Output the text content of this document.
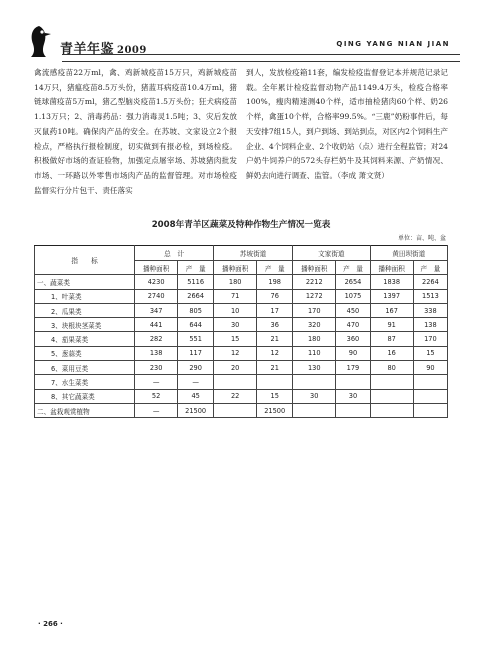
青羊年鉴 2009
QING YANG NIAN JIAN
禽流感疫苗22万ml，禽、鸡新城疫苗15万只，鸡新城疫苗14万只，猪瘟疫苗8.5万头份，猪蓝耳病疫苗10.4万ml，猪链球菌疫苗5万ml，猪乙型脑炎疫苗1.5万头份；狂犬病疫苗1.13万只；2、消毒药品：强力消毒灵1.5吨；3、灾后发放灭鼠药10吨。确保肉产品的安全。在苏坡、文家设立2个报检点，严格执行报检制度，切实做到有报必检，到场检疫。积极做好市场的查证验物，加强定点屠宰场、苏坡猪肉批发市场、一环路以外零售市场肉产品的监督管理。对市场检疫监督实行分片包干、责任落实
到人，发放检疫箱11套，编发检疫监督登记本并规范记录记载。全年累计检疫监督动物产品1149.4万头，检疫合格率100%，瘦肉精速测40个样，适市抽检猪肉60个样、奶26个样，禽蛋10个样，合格率99.5%。“三鹿”奶粉事件后，每天安排7组15人，到户到场、到站到点，对区内2个饲料生产企业、4个饲料企业、2个收奶站（点）进行全程监管；对24户奶牛饲养户的572头存栏奶牛及其饲料来源、产奶情况、鲜奶去向进行调查、监管。（李成 萧文贤）
2008年青羊区蔬菜及特种作物生产情况一览表
单位：亩、吨、盆
指　　标	总　计		苏坡街道		文家街道		黄田坝街道	
	播种面积	产　量	播种面积	产　量	播种面积	产　量	播种面积	产　量
一、蔬菜类	4230	5116	180	198	2212	2654	1838	2264
1、叶菜类	2740	2664	71	76	1272	1075	1397	1513
2、瓜果类	347	805	10	17	170	450	167	338
3、块根块茎菜类	441	644	30	36	320	470	91	138
4、茄果菜类	282	551	15	21	180	360	87	170
5、葱蒜类	138	117	12	12	110	90	16	15
6、菜用豆类	230	290	20	21	130	179	80	90
7、水生菜类	—	—						
8、其它蔬菜类	52	45	22	15	30	30		
二、盆栽观赏植物	—	21500		21500				
· 266 ·
